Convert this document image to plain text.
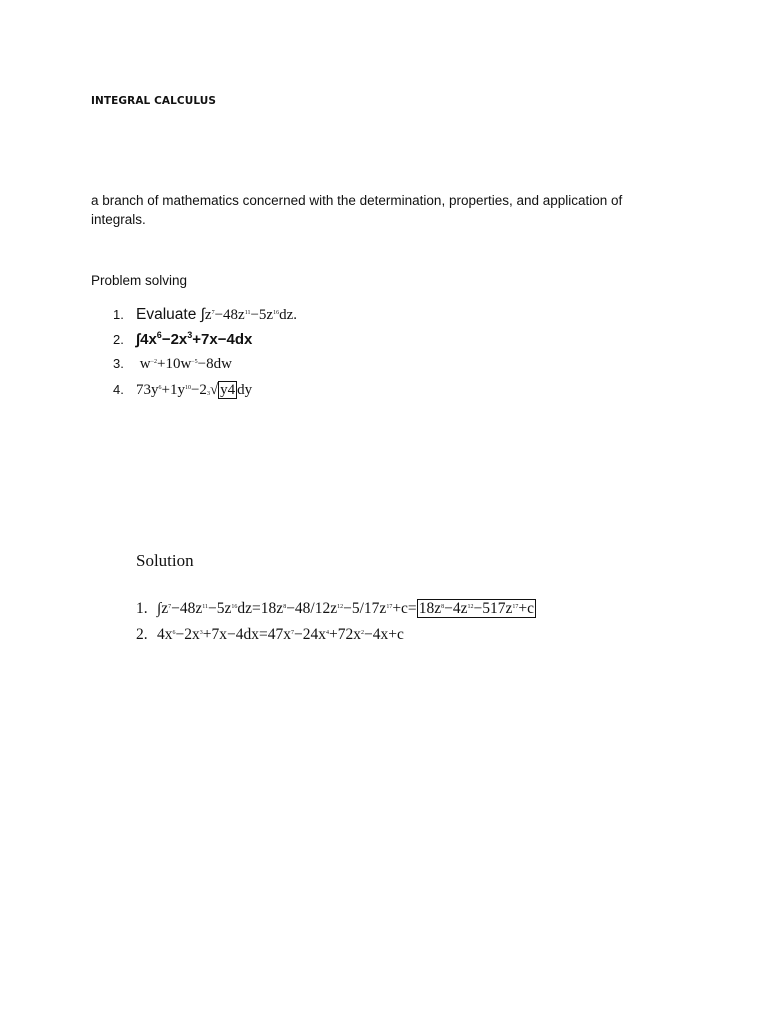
INTEGRAL CALCULUS
a branch of mathematics concerned with the determination, properties, and application of integrals.
Problem solving
1. Evaluate $\int z^7-48z^{11}-5z^{16}dz$.
2. $\int 4x^6-2x^3+7x-4dx$
3. $w^{-2}+10w^{-5}-8dw$
4. $73y^6+1y^{10}-2_3√$ y4 dy
Solution
1. $\int z^7-48z^{11}-5z^{16}dz=18z^8-48/12z^{12}-5/17z^{17}+c= 18z^8-4z^{12}-517z^{17}+c$
2. $4x^6-2x^3+7x-4dx=47x^7-24x^4+72x^2-4x+c$
